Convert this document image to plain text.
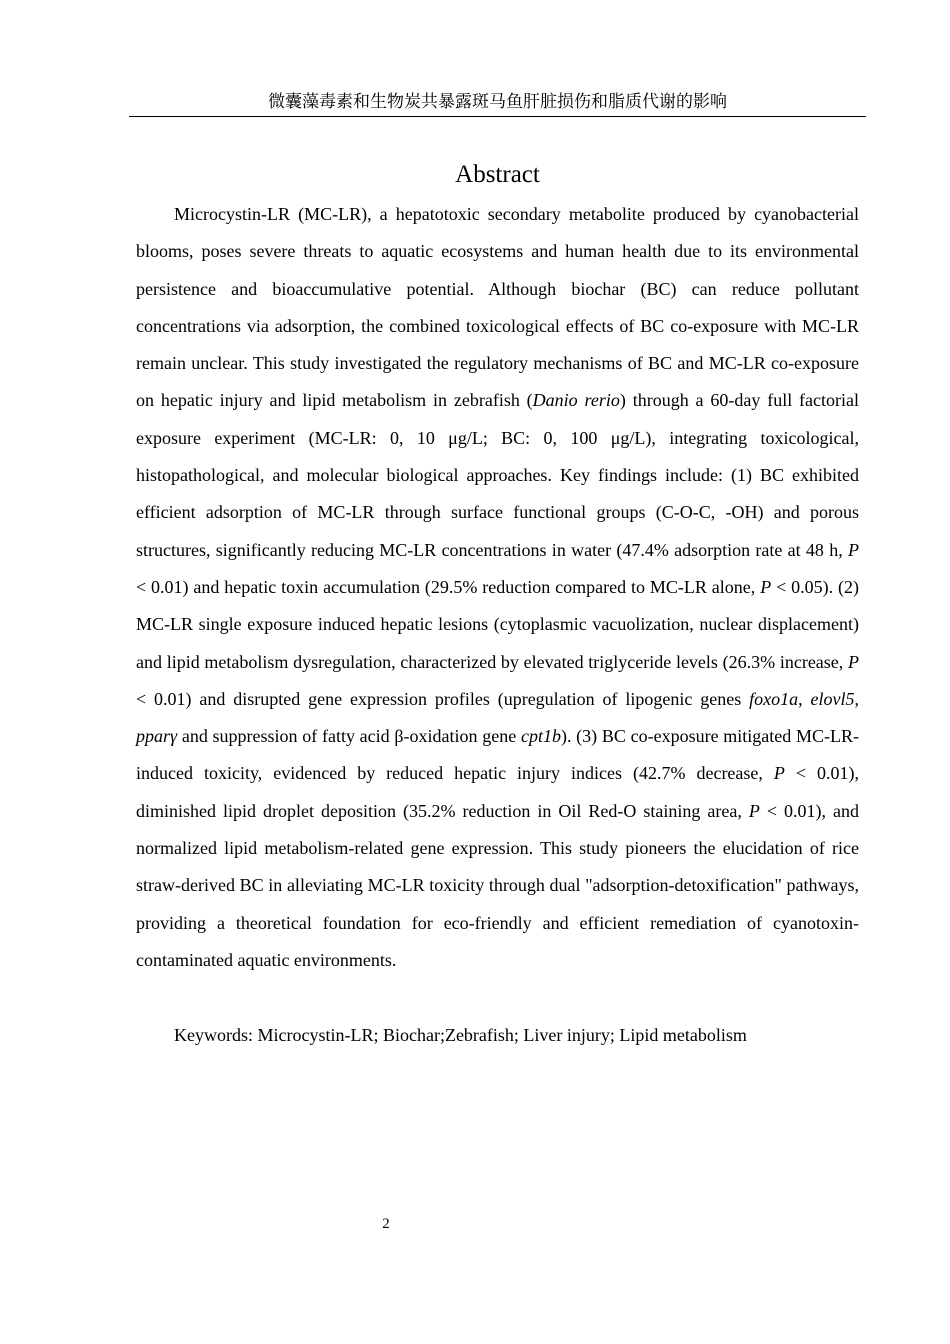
微囊藻毒素和生物炭共暴露斑马鱼肝脏损伤和脂质代谢的影响
Abstract

Microcystin-LR (MC-LR), a hepatotoxic secondary metabolite produced by cyanobacterial blooms, poses severe threats to aquatic ecosystems and human health due to its environmental persistence and bioaccumulative potential. Although biochar (BC) can reduce pollutant concentrations via adsorption, the combined toxicological effects of BC co-exposure with MC-LR remain unclear. This study investigated the regulatory mechanisms of BC and MC-LR co-exposure on hepatic injury and lipid metabolism in zebrafish (Danio rerio) through a 60-day full factorial exposure experiment (MC-LR: 0, 10 μg/L; BC: 0, 100 μg/L), integrating toxicological, histopathological, and molecular biological approaches. Key findings include: (1) BC exhibited efficient adsorption of MC-LR through surface functional groups (C-O-C, -OH) and porous structures, significantly reducing MC-LR concentrations in water (47.4% adsorption rate at 48 h, P < 0.01) and hepatic toxin accumulation (29.5% reduction compared to MC-LR alone, P < 0.05). (2) MC-LR single exposure induced hepatic lesions (cytoplasmic vacuolization, nuclear displacement) and lipid metabolism dysregulation, characterized by elevated triglyceride levels (26.3% increase, P < 0.01) and disrupted gene expression profiles (upregulation of lipogenic genes foxo1a, elovl5, pparγ and suppression of fatty acid β-oxidation gene cpt1b). (3) BC co-exposure mitigated MC-LR-induced toxicity, evidenced by reduced hepatic injury indices (42.7% decrease, P < 0.01), diminished lipid droplet deposition (35.2% reduction in Oil Red-O staining area, P < 0.01), and normalized lipid metabolism-related gene expression. This study pioneers the elucidation of rice straw-derived BC in alleviating MC-LR toxicity through dual "adsorption-detoxification" pathways, providing a theoretical foundation for eco-friendly and efficient remediation of cyanotoxin-contaminated aquatic environments.

Keywords: Microcystin-LR; Biochar;Zebrafish; Liver injury; Lipid metabolism
2
